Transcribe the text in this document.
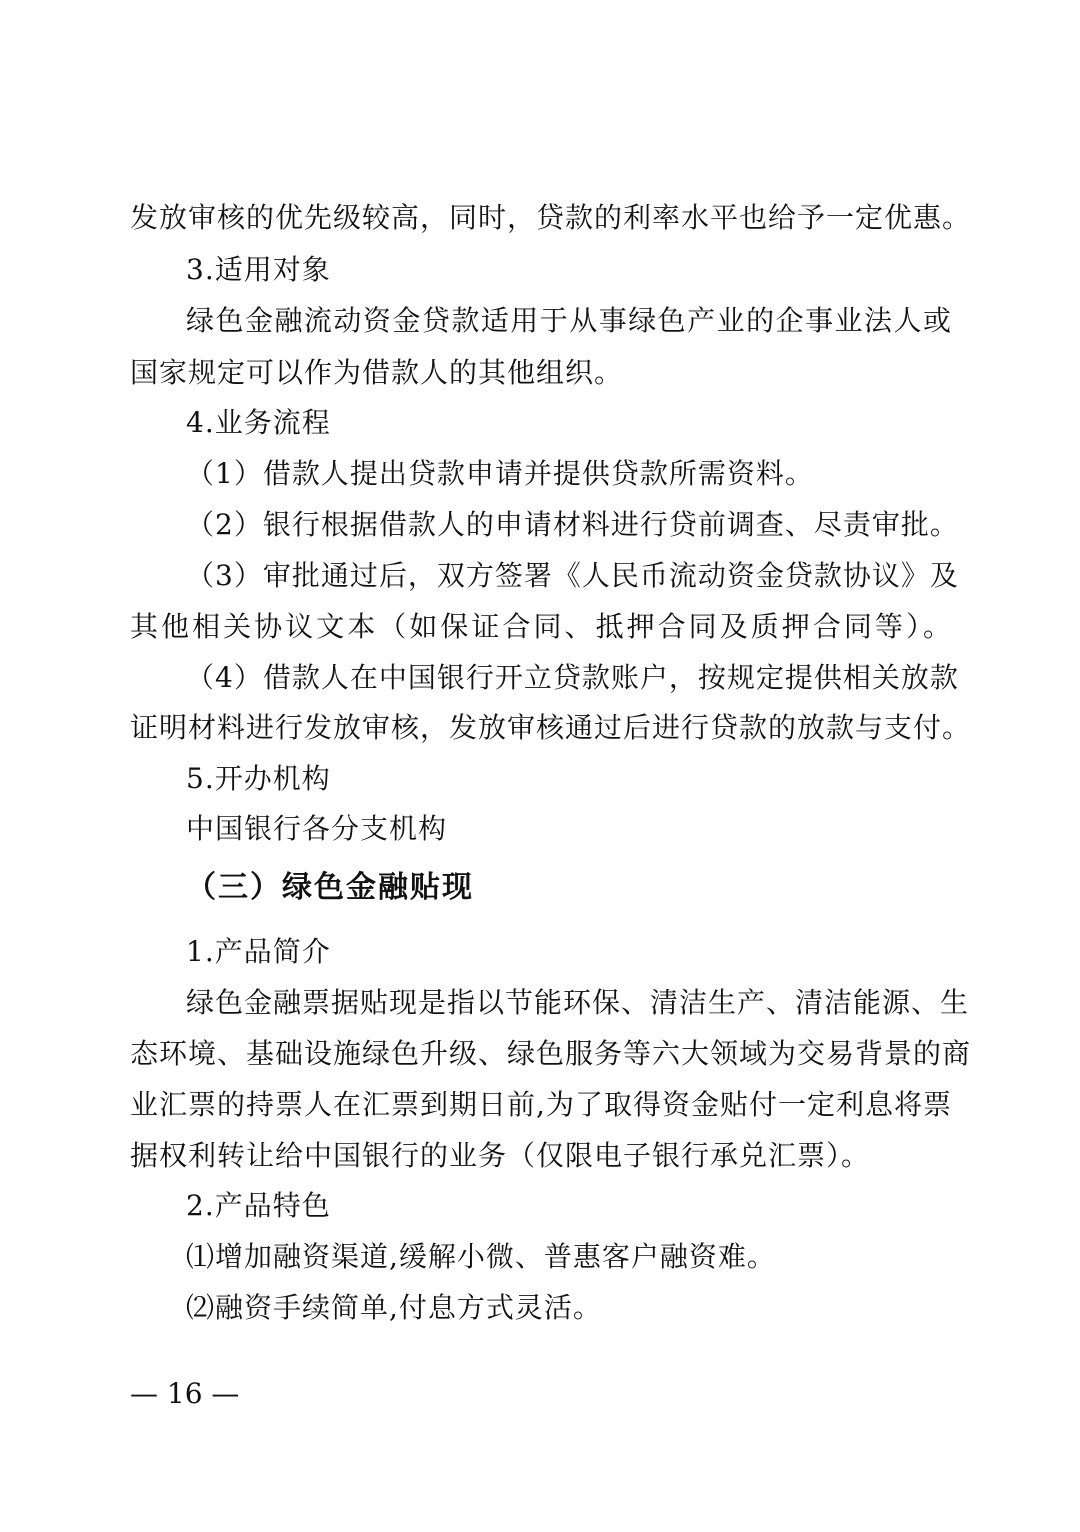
发放审核的优先级较高，同时，贷款的利率水平也给予一定优惠。
3.适用对象
绿色金融流动资金贷款适用于从事绿色产业的企事业法人或
国家规定可以作为借款人的其他组织。
4.业务流程
（1）借款人提出贷款申请并提供贷款所需资料。
（2）银行根据借款人的申请材料进行贷前调查、尽责审批。
（3）审批通过后，双方签署《人民币流动资金贷款协议》及
其他相关协议文本（如保证合同、抵押合同及质押合同等）。
（4）借款人在中国银行开立贷款账户，按规定提供相关放款
证明材料进行发放审核，发放审核通过后进行贷款的放款与支付。
5.开办机构
中国银行各分支机构
（三）绿色金融贴现
1.产品简介
绿色金融票据贴现是指以节能环保、清洁生产、清洁能源、生
态环境、基础设施绿色升级、绿色服务等六大领域为交易背景的商
业汇票的持票人在汇票到期日前,为了取得资金贴付一定利息将票
据权利转让给中国银行的业务（仅限电子银行承兑汇票）。
2.产品特色
⑴增加融资渠道,缓解小微、普惠客户融资难。
⑵融资手续简单,付息方式灵活。
— 16 —
